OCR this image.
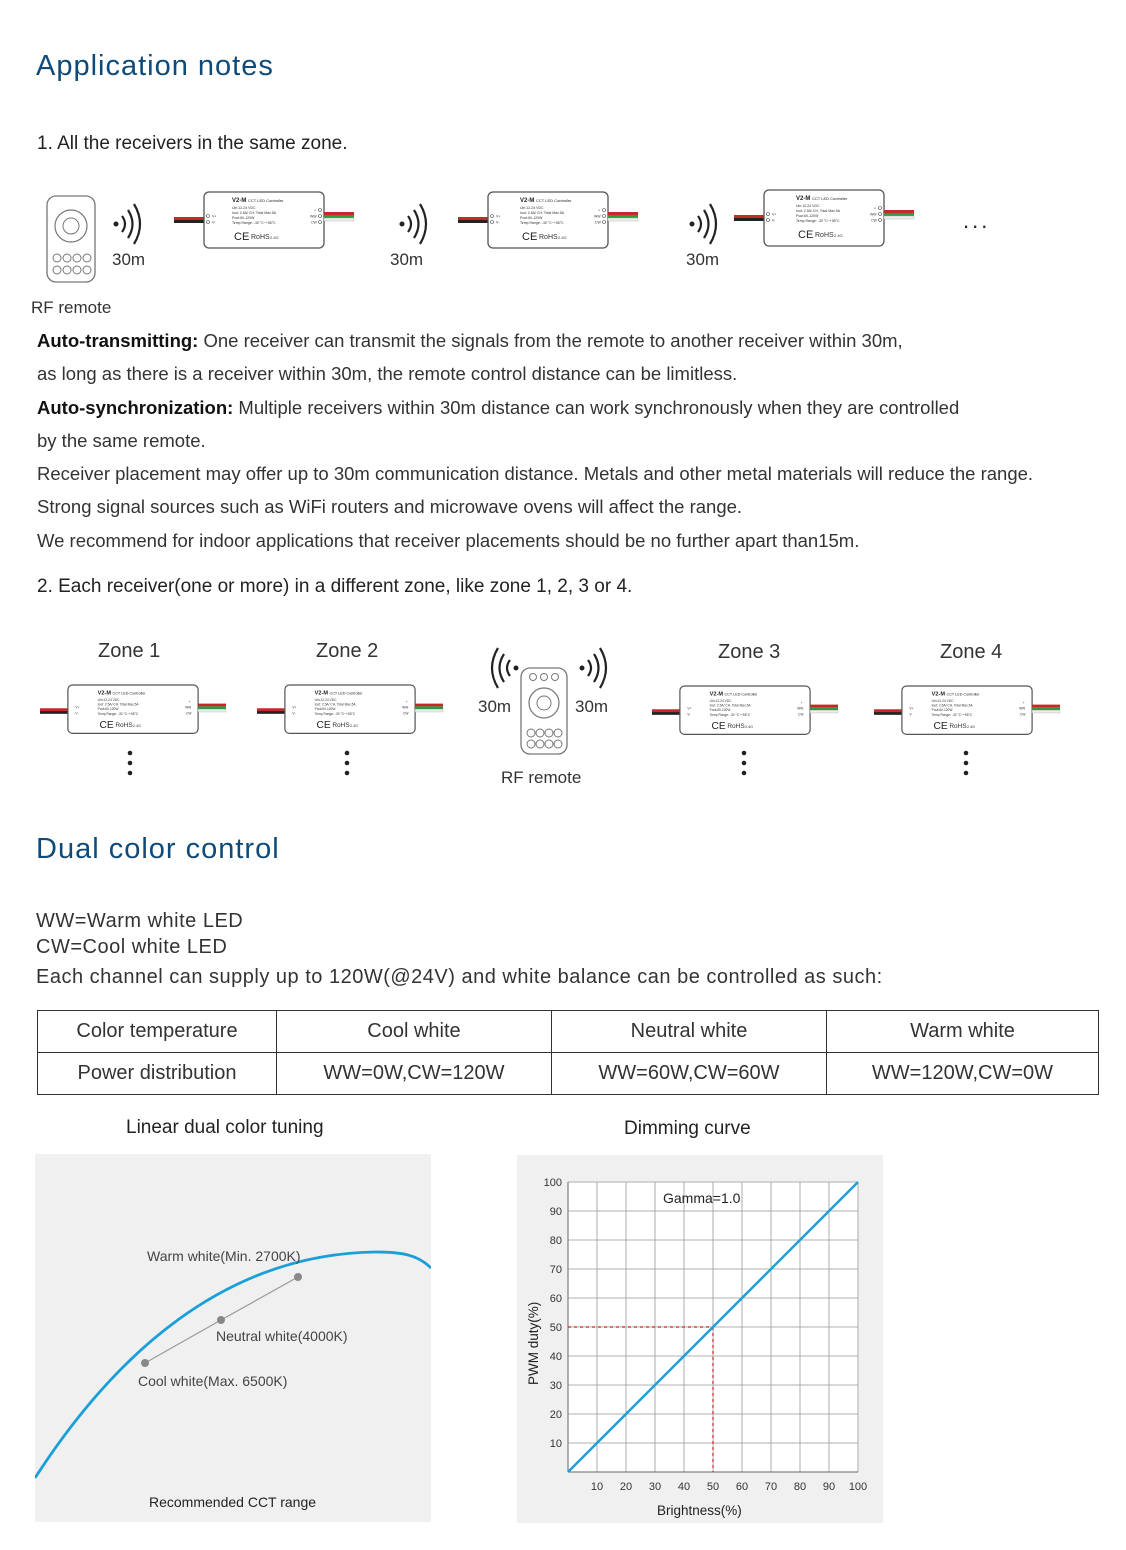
Application notes
1. All the receivers in the same zone.
30m
V2-M CCT LED Controller
Uin:12-24 VDC
Iout: 2.5A/ CH, Total Max.5A
Pout:60-120W
Temp Range: -30 °C~+55°C
CE RoHS 2.4G
V+
V-
+
WW
CW
30m
V2-M CCT LED Controller
Uin:12-24 VDC
Iout: 2.5A/ CH, Total Max.5A
Pout:60-120W
Temp Range: -30 °C~+55°C
CE RoHS 2.4G
V+
V-
+
WW
CW
30m
V2-M CCT LED Controller
Uin:12-24 VDC
Iout: 2.5A/ CH, Total Max.5A
Pout:60-120W
Temp Range: -30 °C~+55°C
CE RoHS 2.4G
V+
V-
+
WW
CW	...
RF remote
Auto-transmitting: One receiver can transmit the signals from the remote to another receiver within 30m,
as long as there is a receiver within 30m, the remote control distance can be limitless.
Auto-synchronization: Multiple receivers within 30m distance can work synchronously when they are controlled
by the same remote.
Receiver placement may offer up to 30m communication distance. Metals and other metal materials will reduce the range.
Strong signal sources such as WiFi routers and microwave ovens will affect the range.
We recommend for indoor applications that receiver placements should be no further apart than15m.
2. Each receiver(one or more) in a different zone, like zone 1, 2, 3 or 4.
Zone 1	Zone 2	Zone 3	Zone 4
V2-M CCT LED Controller
Uin:12-24 VDC
Iout: 2.5A/ CH, Total Max.5A
Pout:60-120W
Temp Range: -30 °C~+55°C
CE RoHS 2.4G
V+
V-
+
WW
CW
V2-M CCT LED Controller
Uin:12-24 VDC
Iout: 2.5A/ CH, Total Max.5A
Pout:60-120W
Temp Range: -30 °C~+55°C
CE RoHS 2.4G
V+
V-
+
WW
CW
V2-M CCT LED Controller
Uin:12-24 VDC
Iout: 2.5A/ CH, Total Max.5A
Pout:60-120W
Temp Range: -30 °C~+55°C
CE RoHS 2.4G
V+
V-
+
WW
CW
V2-M CCT LED Controller
Uin:12-24 VDC
Iout: 2.5A/ CH, Total Max.5A
Pout:60-120W
Temp Range: -30 °C~+55°C
CE RoHS 2.4G
V+
V-
+
WW
CW
30m	30m
RF remote
Dual color control
WW=Warm white LED
CW=Cool white LED
Each channel can supply up to 120W(@24V) and white balance can be controlled as such:
Color temperature	Cool white	Neutral white	Warm white
Power distribution	WW=0W,CW=120W	WW=60W,CW=60W	WW=120W,CW=0W
Linear dual color tuning
Warm white(Min. 2700K)
Neutral white(4000K)
Cool white(Max. 6500K)
Recommended CCT range
Dimming curve
10 20 30 40 50 60 70 80 90 100
10
20
30
40
50
60
70
80
90
100
Gamma=1.0
Brightness(%)
PWM duty(%)
